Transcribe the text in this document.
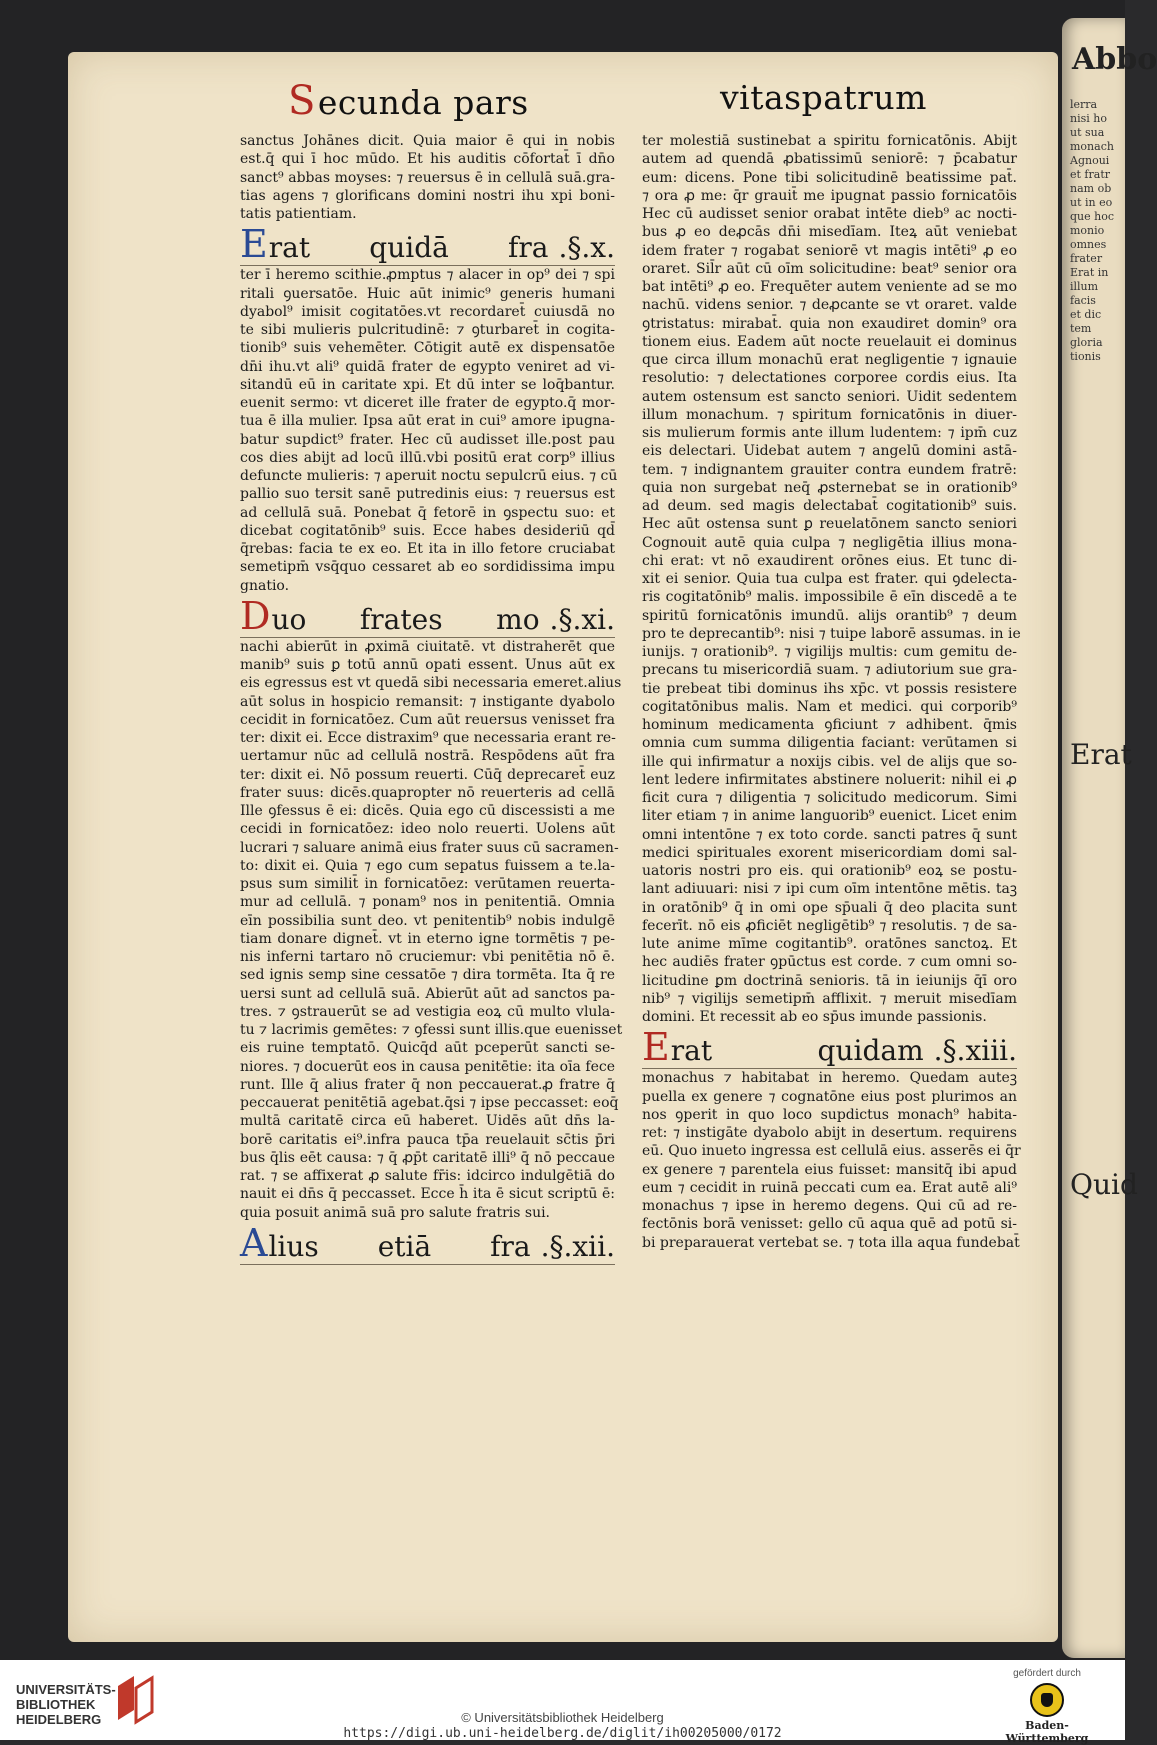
Abbo
lerra
nisi ho
ut sua
monach
Agnoui
et fratr
nam ob
ut in eo
que hoc
monio
omnes
frater
Erat in
illum
facis
et dic
tem
gloria
tionis
Erat
Quid
Secunda pars	vitaspatrum

sanctus Johānes dicit. Quia maior ē qui in nobis

est.q̄ qui ī hoc mūdo. Et his auditis cōfortat̄ ī dn̄o

sanct⁹ abbas moyses: ⁊ reuersus ē in cellulā suā.gra-

tias agens ⁊ glorificans domini nostri ihu xpi boni-

tatis patientiam.

Erat quidā fra .§.x.

ter ī heremo scithie.ꝓmptus ⁊ alacer in op⁹ dei ⁊ spi

ritali ꝯuersatōe. Huic aūt inimic⁹ generis humani

dyabol⁹ imisit cogitatōes.vt recordaret̄ cuiusdā no

te sibi mulieris pulcritudinē: ⁊ ꝯturbaret̄ in cogita-

tionib⁹ suis vehemēter. Cōtigit autē ex dispensatōe

dn̄i ihu.vt ali⁹ quidā frater de egypto veniret ad vi-

sitandū eū in caritate xpi. Et dū inter se loq̄bantur.

euenit sermo: vt diceret ille frater de egypto.q̄ mor-

tua ē illa mulier. Ipsa aūt erat in cui⁹ amore ipugna-

batur supdict⁹ frater. Hec cū audisset ille.post pau

cos dies abijt ad locū illū.vbi positū erat corp⁹ illius

defuncte mulieris: ⁊ aperuit noctu sepulcrū eius. ⁊ cū

pallio suo tersit sanē putredinis eius: ⁊ reuersus est

ad cellulā suā. Ponebat q̄ fetorē in ꝯspectu suo: et

dicebat cogitatōnib⁹ suis. Ecce habes desideriū qd̄

q̄rebas: facia te ex eo. Et ita in illo fetore cruciabat

semetipm̄ vsq̄quo cessaret ab eo sordidissima impu

gnatio.

Duo frates mo .§.xi.

nachi abierūt in ꝓximā ciuitatē. vt distraherēt que

manib⁹ suis ꝑ totū annū opati essent. Unus aūt ex

eis egressus est vt quedā sibi necessaria emeret.alius

aūt solus in hospicio remansit: ⁊ instigante dyabolo

cecidit in fornicatōez. Cum aūt reuersus venisset fra

ter: dixit ei. Ecce distraxim⁹ que necessaria erant re-

uertamur nūc ad cellulā nostrā. Respōdens aūt fra

ter: dixit ei. Nō possum reuerti. Cūq̄ deprecaret̄ euz

frater suus: dicēs.quapropter nō reuerteris ad cellā

Ille ꝯfessus ē ei: dicēs. Quia ego cū discessisti a me

cecidi in fornicatōez: ideo nolo reuerti. Uolens aūt

lucrari ⁊ saluare animā eius frater suus cū sacramen-

to: dixit ei. Quia ⁊ ego cum sepatus fuissem a te.la-

psus sum similit̄ in fornicatōez: verūtamen reuerta-

mur ad cellulā. ⁊ ponam⁹ nos in penitentiā. Omnia

eīn possibilia sunt deo. vt penitentib⁹ nobis indulgē

tiam donare dignet̄. vt in eterno igne tormētis ⁊ pe-

nis inferni tartaro nō cruciemur: vbi penitētia nō ē.

sed ignis semp sine cessatōe ⁊ dira tormēta. Ita q̄ re

uersi sunt ad cellulā suā. Abierūt aūt ad sanctos pa-

tres. ⁊ ꝯstrauerūt se ad vestigia eoꝝ cū multo vlula-

tu ⁊ lacrimis gemētes: ⁊ ꝯfessi sunt illis.que euenisset

eis ruine temptatō. Quicq̄d aūt pceperūt sancti se-

niores. ⁊ docuerūt eos in causa penitētie: ita oīa fece

runt. Ille q̄ alius frater q̄ non peccauerat.ꝓ fratre q̄

peccauerat penitētiā agebat.q̄si ⁊ ipse peccasset: eoq̄

multā caritatē circa eū haberet. Uidēs aūt dn̄s la-

borē caritatis ei⁹.infra pauca tp̄a reuelauit sc̄tis p̄ri

bus q̄lis eēt causa: ⁊ q̄ ꝓp̄t caritatē illi⁹ q̄ nō peccaue

rat. ⁊ se affixerat ꝓ salute fr̄is: idcirco indulgētiā do

nauit ei dn̄s q̄ peccasset. Ecce h̄ ita ē sicut scriptū ē:

quia posuit animā suā pro salute fratris sui.

Alius etiā fra .§.xii.

ter molestiā sustinebat a spiritu fornicatōnis. Abijt

autem ad quendā ꝓbatissimū seniorē: ⁊ p̄cabatur

eum: dicens. Pone tibi solicitudinē beatissime pat̄.

⁊ ora ꝓ me: q̄r grauit̄ me ipugnat passio fornicatōis

Hec cū audisset senior orabat intēte dieb⁹ ac nocti-

bus ꝓ eo deꝓcās dn̄i misedīam. Iteꝝ aūt veniebat

idem frater ⁊ rogabat seniorē vt magis intēti⁹ ꝓ eo

oraret. Sil̄r aūt cū oīm solicitudine: beat⁹ senior ora

bat intēti⁹ ꝓ eo. Frequēter autem veniente ad se mo

nachū. videns senior. ⁊ deꝓcante se vt oraret. valde

ꝯtristatus: mirabat̄. quia non exaudiret domin⁹ ora

tionem eius. Eadem aūt nocte reuelauit ei dominus

que circa illum monachū erat negligentie ⁊ ignauie

resolutio: ⁊ delectationes corporee cordis eius. Ita

autem ostensum est sancto seniori. Uidit sedentem

illum monachum. ⁊ spiritum fornicatōnis in diuer-

sis mulierum formis ante illum ludentem: ⁊ ipm̄ cuz

eis delectari. Uidebat autem ⁊ angelū domini astā-

tem. ⁊ indignantem grauiter contra eundem fratrē:

quia non surgebat neq̄ ꝓsternebat se in orationib⁹

ad deum. sed magis delectabat̄ cogitationib⁹ suis.

Hec aūt ostensa sunt ꝑ reuelatōnem sancto seniori

Cognouit autē quia culpa ⁊ negligētia illius mona-

chi erat: vt nō exaudirent orōnes eius. Et tunc di-

xit ei senior. Quia tua culpa est frater. qui ꝯdelecta-

ris cogitatōnib⁹ malis. impossibile ē eīn discedē a te

spiritū fornicatōnis imundū. alijs orantib⁹ ⁊ deum

pro te deprecantib⁹: nisi ⁊ tuipe laborē assumas. in ie

iunijs. ⁊ orationib⁹. ⁊ vigilijs multis: cum gemitu de-

precans tu misericordiā suam. ⁊ adiutorium sue gra-

tie prebeat tibi dominus ihs xp̄c. vt possis resistere

cogitatōnibus malis. Nam et medici. qui corporib⁹

hominum medicamenta ꝯficiunt ⁊ adhibent. q̄mis

omnia cum summa diligentia faciant: verūtamen si

ille qui infirmatur a noxijs cibis. vel de alijs que so-

lent ledere infirmitates abstinere noluerit: nihil ei ꝓ

ficit cura ⁊ diligentia ⁊ solicitudo medicorum. Simi

liter etiam ⁊ in anime languorib⁹ euenict. Licet enim

omni intentōne ⁊ ex toto corde. sancti patres q̄ sunt

medici spirituales exorent misericordiam domi sal-

uatoris nostri pro eis. qui orationib⁹ eoꝝ se postu-

lant adiuuari: nisi ⁊ ipi cum oīm intentōne mētis. taꝫ

in oratōnib⁹ q̄ in omi ope sp̄uali q̄ deo placita sunt

fecerīt. nō eis ꝓficiēt negligētib⁹ ⁊ resolutis. ⁊ de sa-

lute anime mīme cogitantib⁹. oratōnes sanctoꝝ. Et

hec audiēs frater ꝯpūctus est corde. ⁊ cum omni so-

licitudine ꝑm doctrinā senioris. tā in ieiunijs q̄ī oro

nib⁹ ⁊ vigilijs semetipm̄ afflixit. ⁊ meruit misedīam

domini. Et recessit ab eo sp̄us imunde passionis.

Erat quidam .§.xiii.

monachus ⁊ habitabat in heremo. Quedam auteꝫ

puella ex genere ⁊ cognatōne eius post plurimos an

nos ꝯperit in quo loco supdictus monach⁹ habita-

ret: ⁊ instigāte dyabolo abijt in desertum. requirens

eū. Quo inueto ingressa est cellulā eius. asserēs ei q̄r

ex genere ⁊ parentela eius fuisset: mansitq̄ ibi apud

eum ⁊ cecidit in ruinā peccati cum ea. Erat autē ali⁹

monachus ⁊ ipse in heremo degens. Qui cū ad re-

fectōnis borā venisset: gello cū aqua quē ad potū si-

bi preparauerat vertebat se. ⁊ tota illa aqua fundebat̄

UNIVERSITÄTS-
BIBLIOTHEK
HEIDELBERG	© Universitätsbibliothek Heidelberg
https://digi.ub.uni-heidelberg.de/diglit/ih00205000/0172
gefördert durch
Baden-Württemberg
